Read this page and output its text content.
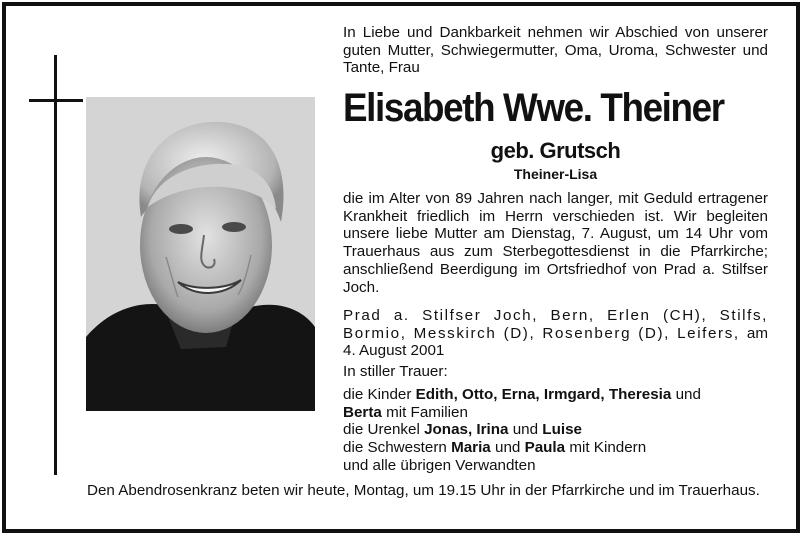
In Liebe und Dankbarkeit nehmen wir Abschied von unserer guten Mutter, Schwiegermutter, Oma, Uroma, Schwester und Tante, Frau
Elisabeth Wwe. Theiner
geb. Grutsch
Theiner-Lisa
die im Alter von 89 Jahren nach langer, mit Geduld ertragener Krankheit friedlich im Herrn verschieden ist. Wir begleiten unsere liebe Mutter am Dienstag, 7. August, um 14 Uhr vom Trauerhaus aus zum Sterbegottesdienst in die Pfarrkirche; anschließend Beerdigung im Ortsfriedhof von Prad a. Stilfser Joch.
Prad a. Stilfser Joch, Bern, Erlen (CH), Stilfs, Bormio, Messkirch (D), Rosenberg (D), Leifers, am 4. August 2001
In stiller Trauer:
die Kinder Edith, Otto, Erna, Irmgard, Theresia und
Berta mit Familien
die Urenkel Jonas, Irina und Luise
die Schwestern Maria und Paula mit Kindern
und alle übrigen Verwandten
Den Abendrosenkranz beten wir heute, Montag, um 19.15 Uhr in der Pfarrkirche und im Trauerhaus.
